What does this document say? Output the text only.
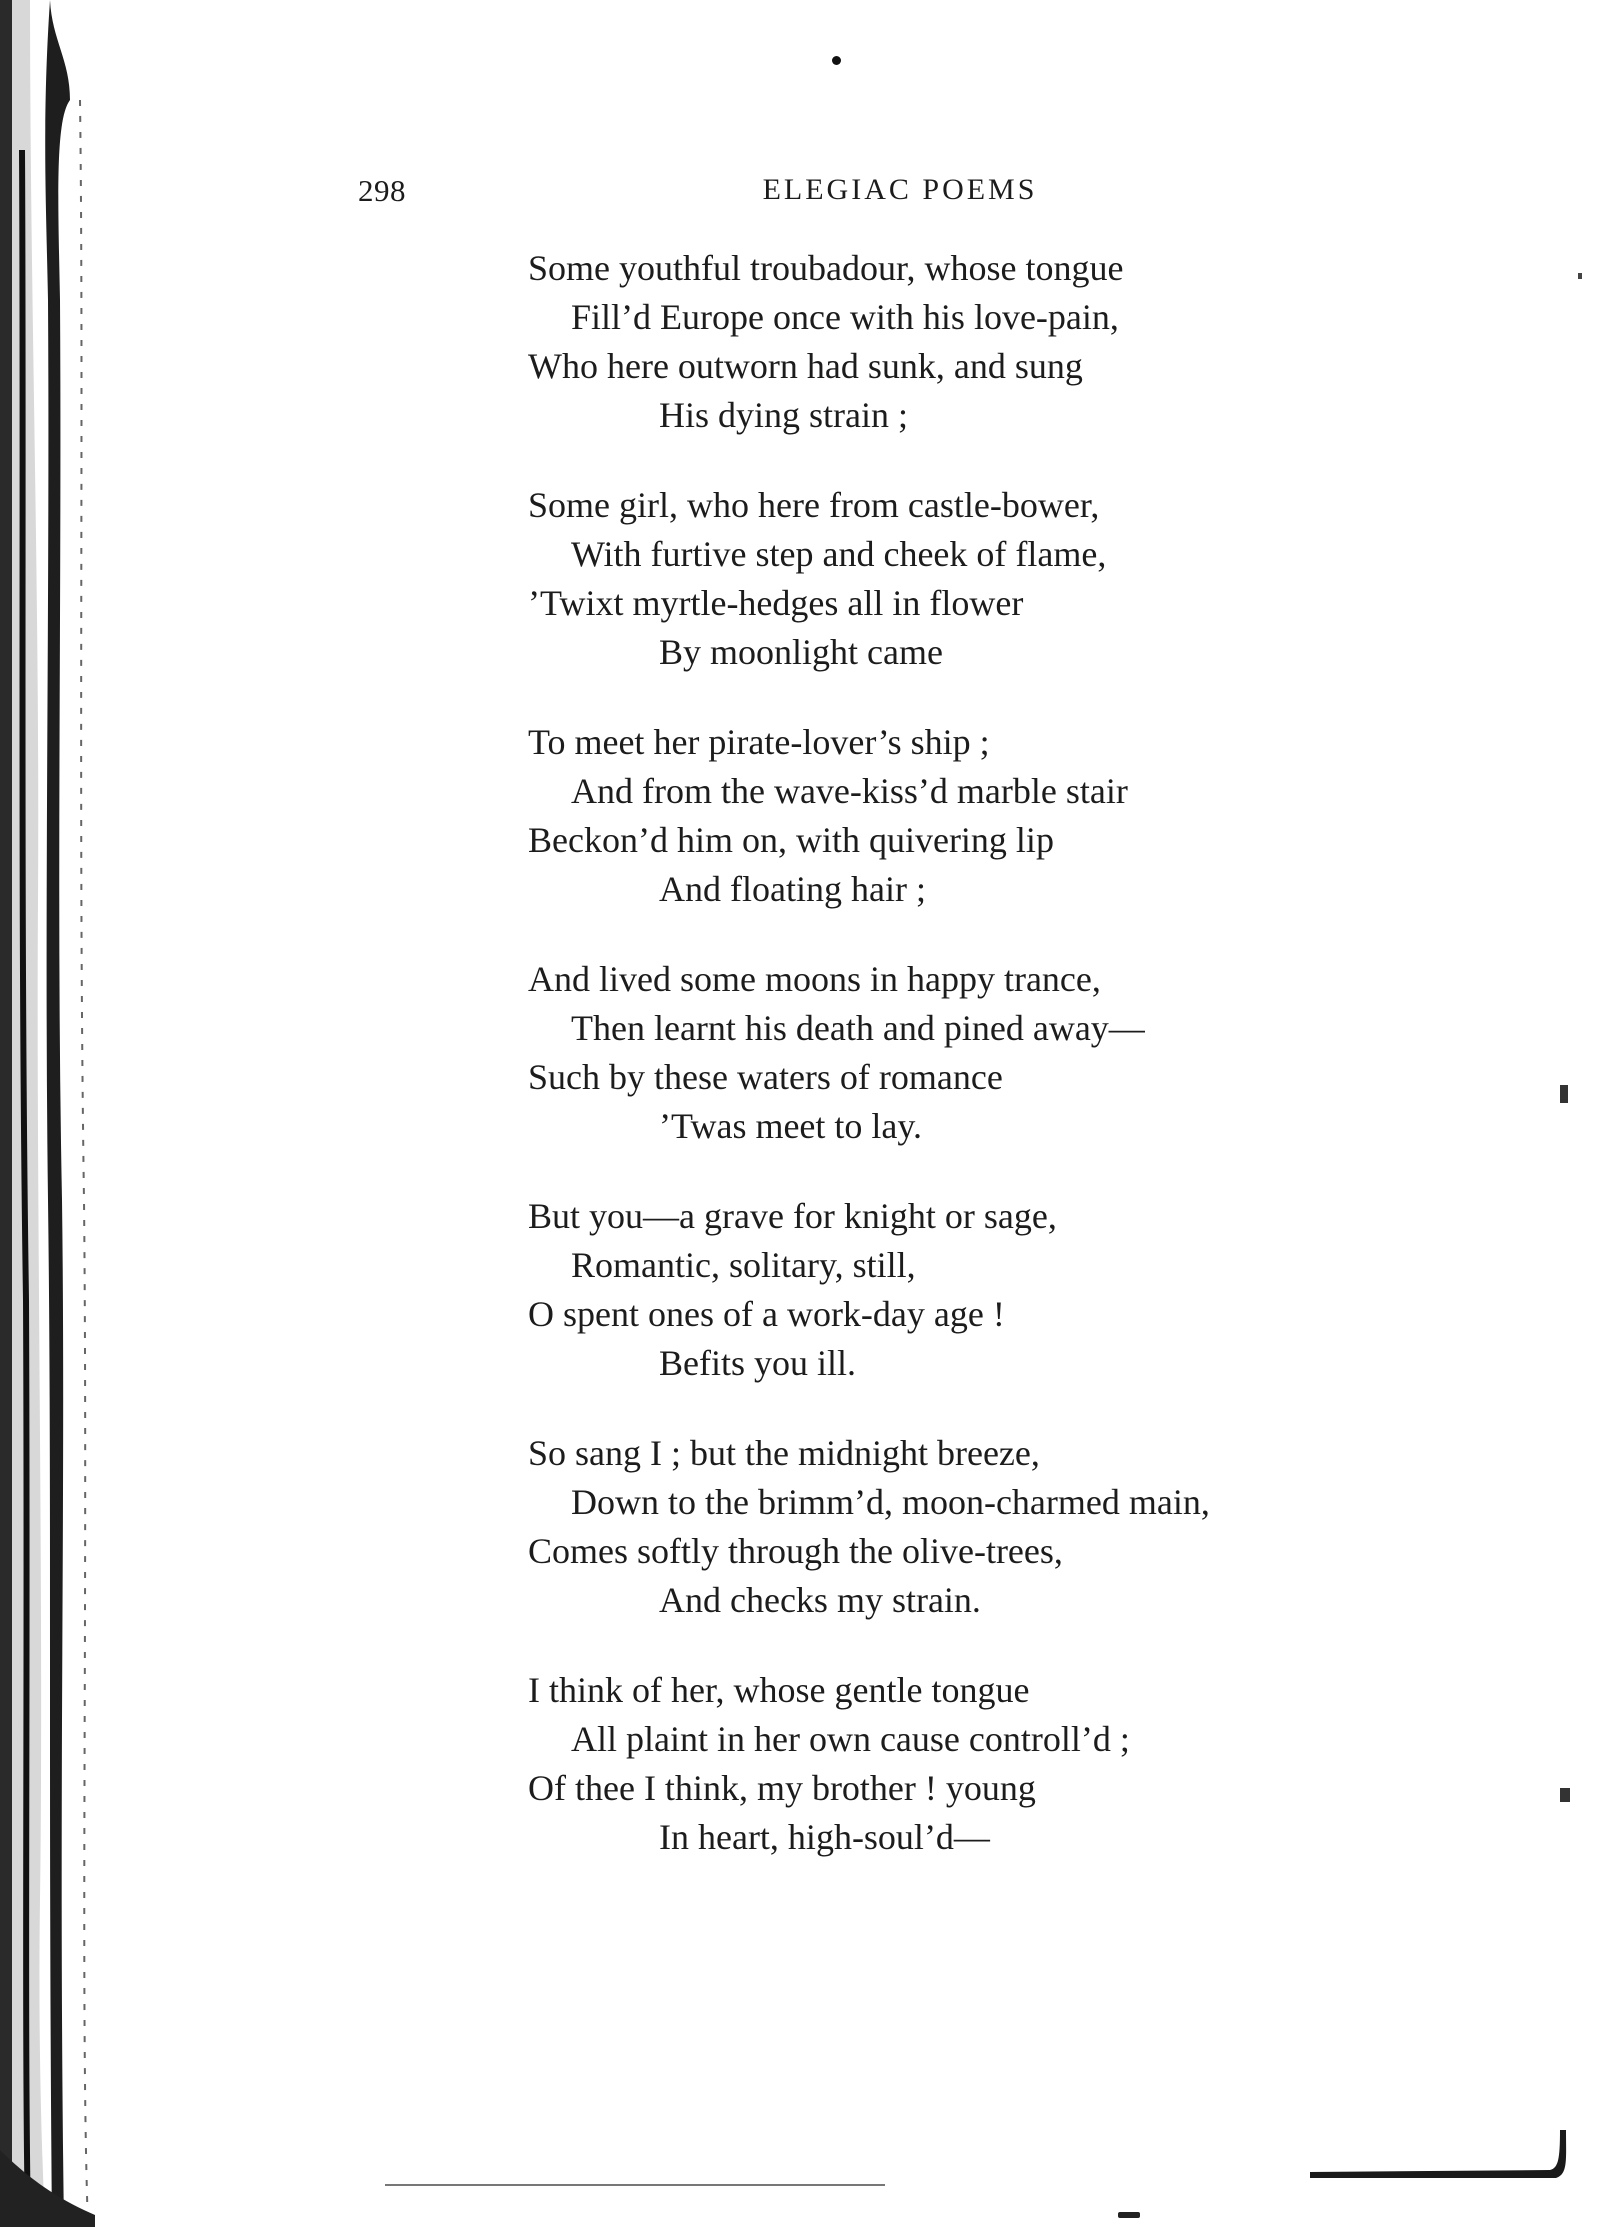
298	ELEGIAC POEMS
Some youthful troubadour, whose tongue
Fill’d Europe once with his love-pain,
Who here outworn had sunk, and sung
His dying strain ;
Some girl, who here from castle-bower,
With furtive step and cheek of flame,
’Twixt myrtle-hedges all in flower
By moonlight came
To meet her pirate-lover’s ship ;
And from the wave-kiss’d marble stair
Beckon’d him on, with quivering lip
And floating hair ;
And lived some moons in happy trance,
Then learnt his death and pined away—
Such by these waters of romance
’Twas meet to lay.
But you—a grave for knight or sage,
Romantic, solitary, still,
O spent ones of a work-day age !
Befits you ill.
So sang I ; but the midnight breeze,
Down to the brimm’d, moon-charmed main,
Comes softly through the olive-trees,
And checks my strain.
I think of her, whose gentle tongue
All plaint in her own cause controll’d ;
Of thee I think, my brother ! young
In heart, high-soul’d—
